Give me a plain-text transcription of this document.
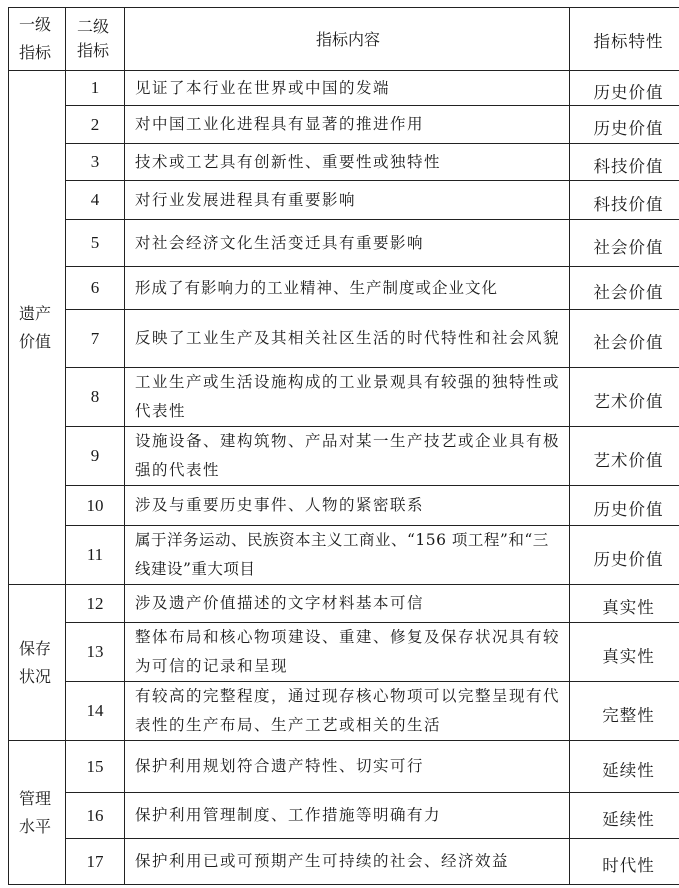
一级指标	二级指标	指标内容	指标特性
遗产价值	1	见证了本行业在世界或中国的发端	历史价值
	2	对中国工业化进程具有显著的推进作用	历史价值
	3	技术或工艺具有创新性、重要性或独特性	科技价值
	4	对行业发展进程具有重要影响	科技价值
	5	对社会经济文化生活变迁具有重要影响	社会价值
	6	形成了有影响力的工业精神、生产制度或企业文化	社会价值
	7	反映了工业生产及其相关社区生活的时代特性和社会风貌	社会价值
	8	工业生产或生活设施构成的工业景观具有较强的独特性或代表性	艺术价值
	9	设施设备、建构筑物、产品对某一生产技艺或企业具有极强的代表性	艺术价值
	10	涉及与重要历史事件、人物的紧密联系	历史价值
	11	属于洋务运动、民族资本主义工商业、“156 项工程”和“三线建设”重大项目	历史价值
保存状况	12	涉及遗产价值描述的文字材料基本可信	真实性
	13	整体布局和核心物项建设、重建、修复及保存状况具有较为可信的记录和呈现	真实性
	14	有较高的完整程度，通过现存核心物项可以完整呈现有代表性的生产布局、生产工艺或相关的生活	完整性
管理水平	15	保护利用规划符合遗产特性、切实可行	延续性
	16	保护利用管理制度、工作措施等明确有力	延续性
	17	保护利用已或可预期产生可持续的社会、经济效益	时代性
